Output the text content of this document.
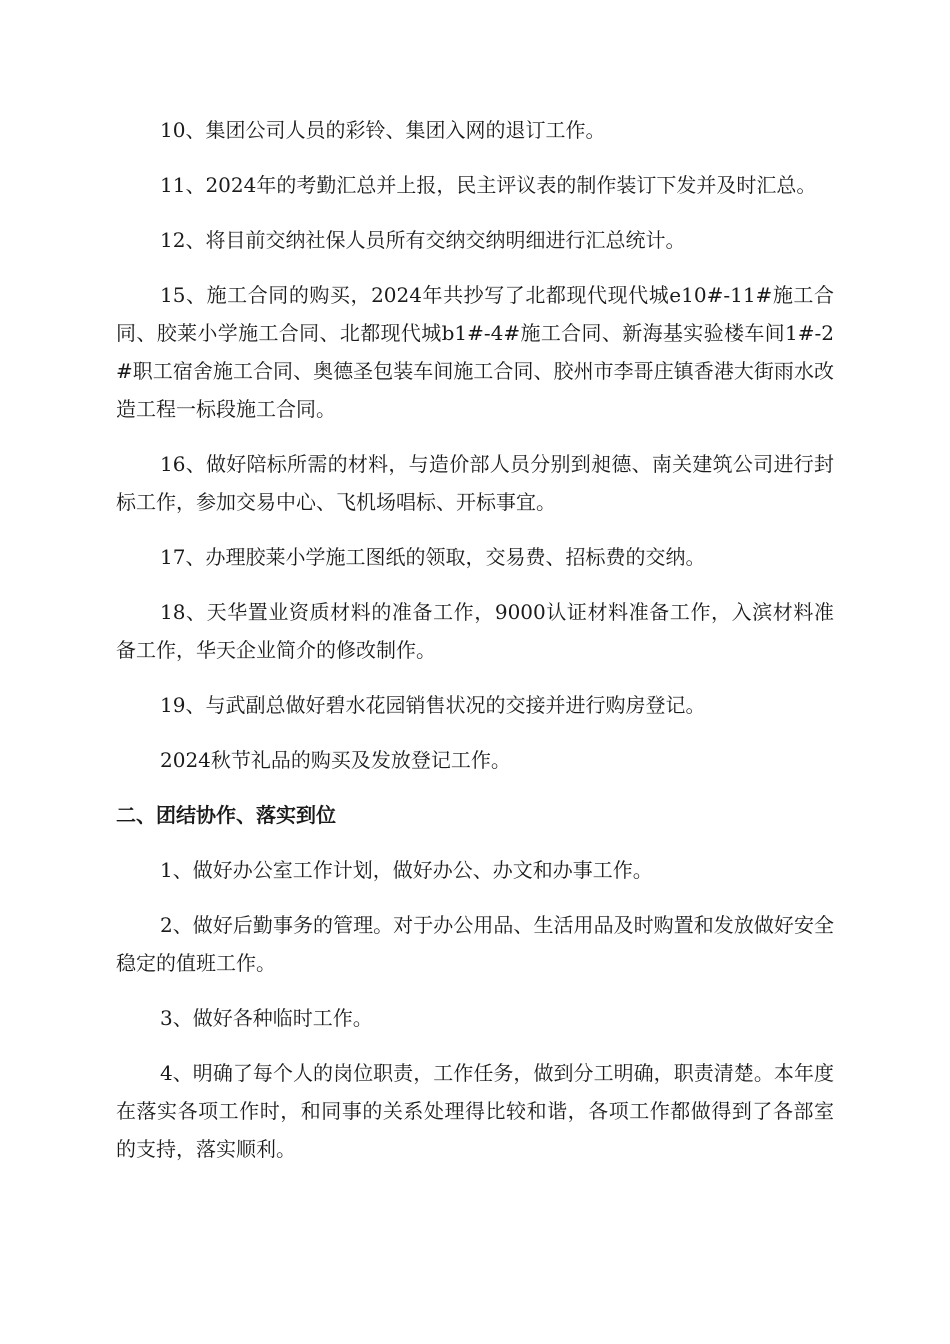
10、集团公司人员的彩铃、集团入网的退订工作。

11、2024年的考勤汇总并上报，民主评议表的制作装订下发并及时汇总。

12、将目前交纳社保人员所有交纳交纳明细进行汇总统计。

15、施工合同的购买，2024年共抄写了北都现代现代城e10#-11#施工合同、胶莱小学施工合同、北都现代城b1#-4#施工合同、新海基实验楼车间1#-2#职工宿舍施工合同、奥德圣包装车间施工合同、胶州市李哥庄镇香港大街雨水改造工程一标段施工合同。

16、做好陪标所需的材料，与造价部人员分别到昶德、南关建筑公司进行封标工作，参加交易中心、飞机场唱标、开标事宜。

17、办理胶莱小学施工图纸的领取，交易费、招标费的交纳。

18、天华置业资质材料的准备工作，9000认证材料准备工作，入滨材料准备工作，华天企业简介的修改制作。

19、与武副总做好碧水花园销售状况的交接并进行购房登记。

2024秋节礼品的购买及发放登记工作。

二、团结协作、落实到位

1、做好办公室工作计划，做好办公、办文和办事工作。

2、做好后勤事务的管理。对于办公用品、生活用品及时购置和发放做好安全稳定的值班工作。

3、做好各种临时工作。

4、明确了每个人的岗位职责，工作任务，做到分工明确，职责清楚。本年度在落实各项工作时，和同事的关系处理得比较和谐，各项工作都做得到了各部室的支持，落实顺利。
